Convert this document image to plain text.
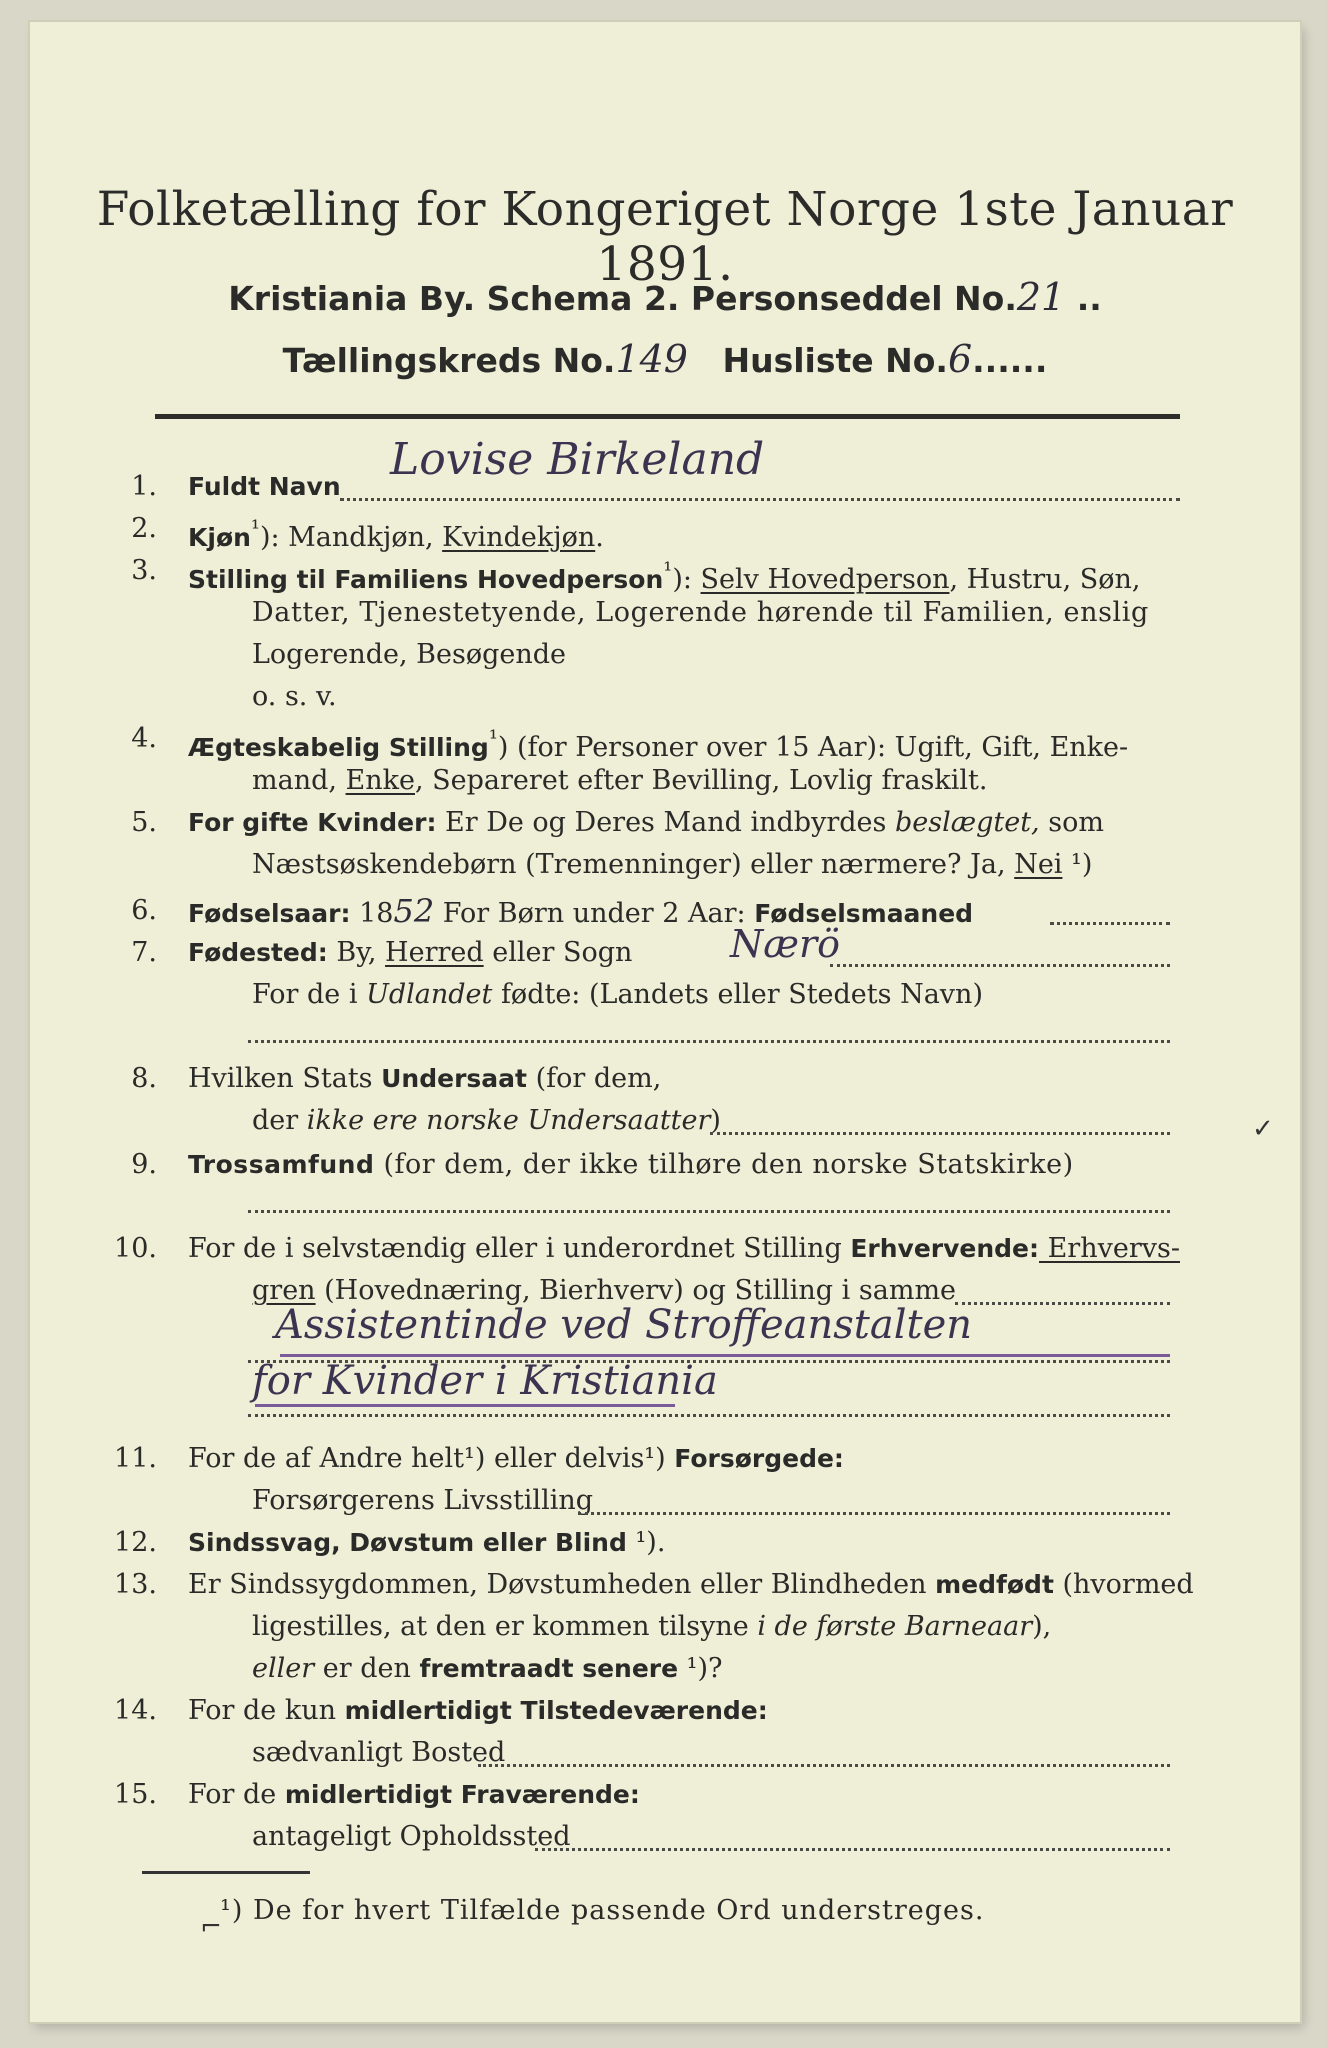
Folketælling for Kongeriget Norge 1ste Januar 1891.
Kristiania By. Schema 2. Personseddel No.21 ..
Tællingskreds No.149 Husliste No.6......
1. Fuldt Navn
Lovise Birkeland
2. Kjøn$^{^1}$): Mandkjøn, Kvindekjøn.
3. Stilling til Familiens Hovedperson$^{^1}$): Selv Hovedperson, Hustru, Søn,
Datter, Tjenestetyende, Logerende hørende til Familien, enslig
Logerende, Besøgende
o. s. v.
4. Ægteskabelig Stilling$^{^1}$) (for Personer over 15 Aar): Ugift, Gift, Enke-
mand, Enke, Separeret efter Bevilling, Lovlig fraskilt.
5. For gifte Kvinder: Er De og Deres Mand indbyrdes beslægtet, som
Næstsøskendebørn (Tremenninger) eller nærmere? Ja, Nei ¹)
6. Fødselsaar: 1852 For Børn under 2 Aar: Fødselsmaaned
7. Fødested: By, Herred eller Sogn	Nærö
For de i Udlandet fødte: (Landets eller Stedets Navn)
8. Hvilken Stats Undersaat (for dem,
der ikke ere norske Undersaatter)
9. Trossamfund (for dem, der ikke tilhøre den norske Statskirke)
10. For de i selvstændig eller i underordnet Stilling Erhvervende: Erhvervs-
gren (Hovednæring, Bierhverv) og Stilling i samme
Assistentinde ved Stroffeanstalten
for Kvinder i Kristiania
11. For de af Andre helt¹) eller delvis¹) Forsørgede:
Forsørgerens Livsstilling
12. Sindssvag, Døvstum eller Blind ¹).
13. Er Sindssygdommen, Døvstumheden eller Blindheden medfødt (hvormed
ligestilles, at den er kommen tilsyne i de første Barneaar),
eller er den fremtraadt senere ¹)?
14. For de kun midlertidigt Tilstedeværende:
sædvanligt Bosted
15. For de midlertidigt Fraværende:
antageligt Opholdssted
¹) De for hvert Tilfælde passende Ord understreges.
✓
⌐
